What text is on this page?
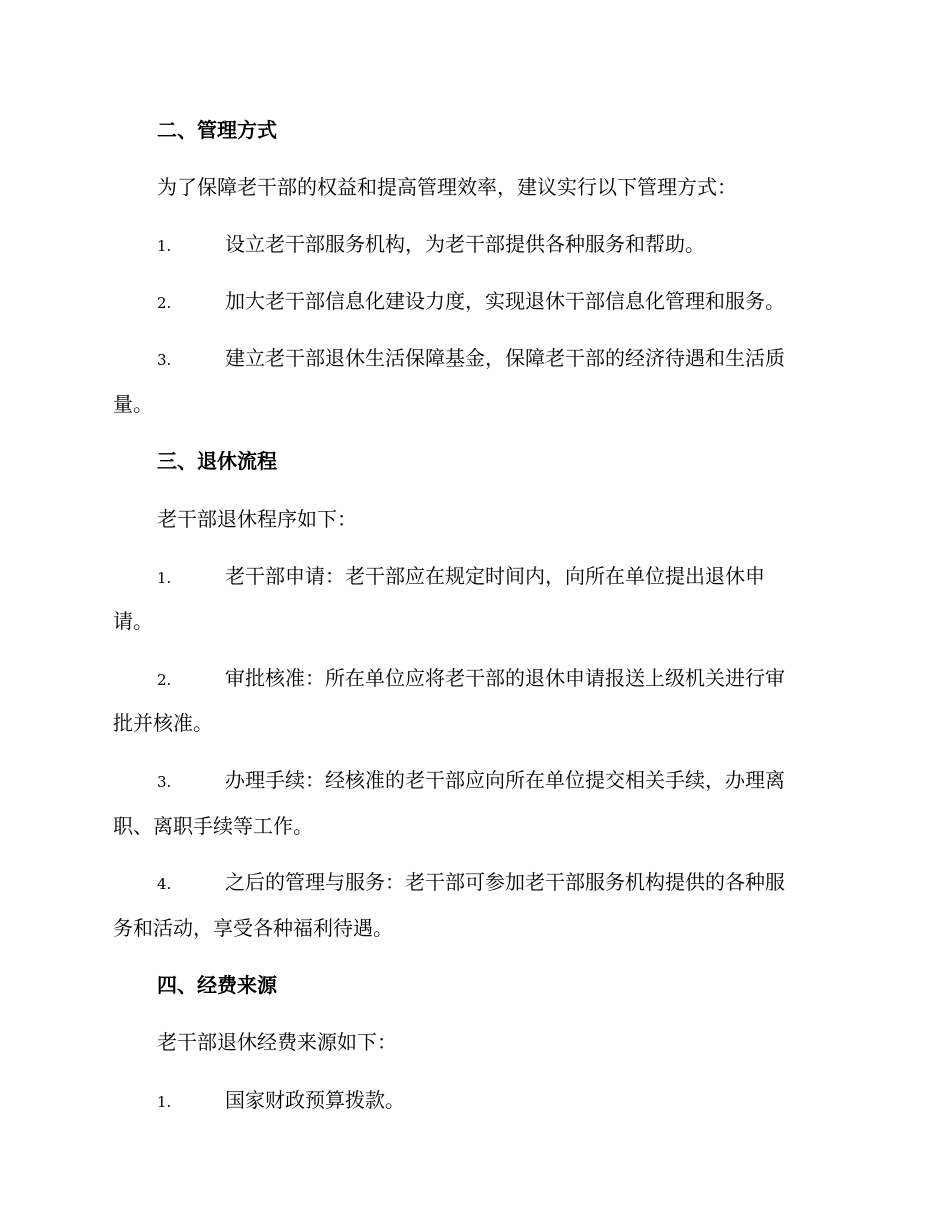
二、管理方式
为了保障老干部的权益和提高管理效率，建议实行以下管理方式：
1.	设立老干部服务机构，为老干部提供各种服务和帮助。
2.	加大老干部信息化建设力度，实现退休干部信息化管理和服务。
3.	建立老干部退休生活保障基金，保障老干部的经济待遇和生活质
量。
三、退休流程
老干部退休程序如下：
1.	老干部申请：老干部应在规定时间内，向所在单位提出退休申
请。
2.	审批核准：所在单位应将老干部的退休申请报送上级机关进行审
批并核准。
3.	办理手续：经核准的老干部应向所在单位提交相关手续，办理离
职、离职手续等工作。
4.	之后的管理与服务：老干部可参加老干部服务机构提供的各种服
务和活动，享受各种福利待遇。
四、经费来源
老干部退休经费来源如下：
1.	国家财政预算拨款。
